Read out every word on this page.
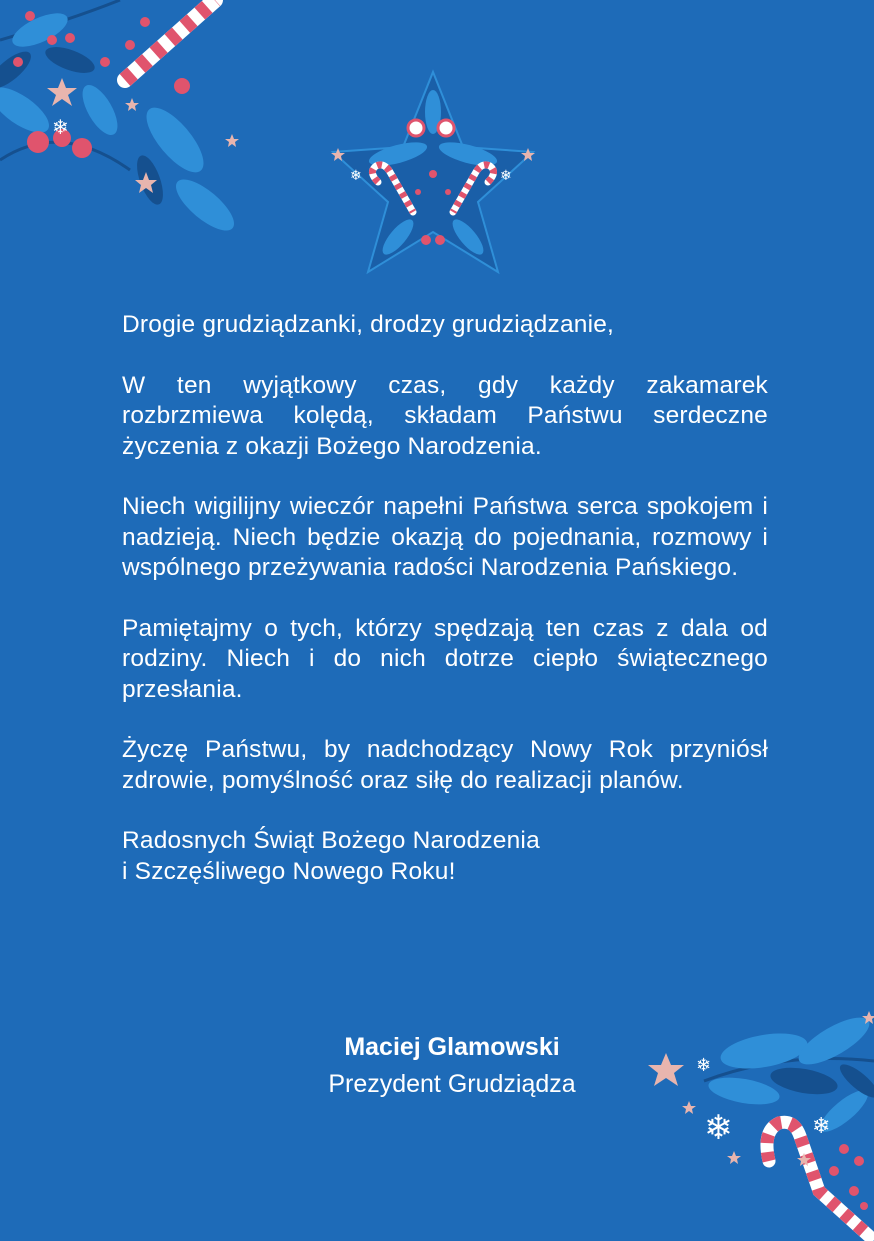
❄
❄	❄
❄
❄	❄

Drogie grudziądzanki, drodzy grudziądzanie,

W ten wyjątkowy czas, gdy każdy zakamarek rozbrzmiewa kolędą, składam Państwu serdeczne życzenia z okazji Bożego Narodzenia.

Niech wigilijny wieczór napełni Państwa serca spokojem i nadzieją. Niech będzie okazją do pojednania, rozmowy i wspólnego przeżywania radości Narodzenia Pańskiego.

Pamiętajmy o tych, którzy spędzają ten czas z dala od rodziny. Niech i do nich dotrze ciepło świątecznego przesłania.

Życzę Państwu, by nadchodzący Nowy Rok przyniósł zdrowie, pomyślność oraz siłę do realizacji planów.

Radosnych Świąt Bożego Narodzenia
i Szczęśliwego Nowego Roku!

Maciej Glamowski
Prezydent Grudziądza
